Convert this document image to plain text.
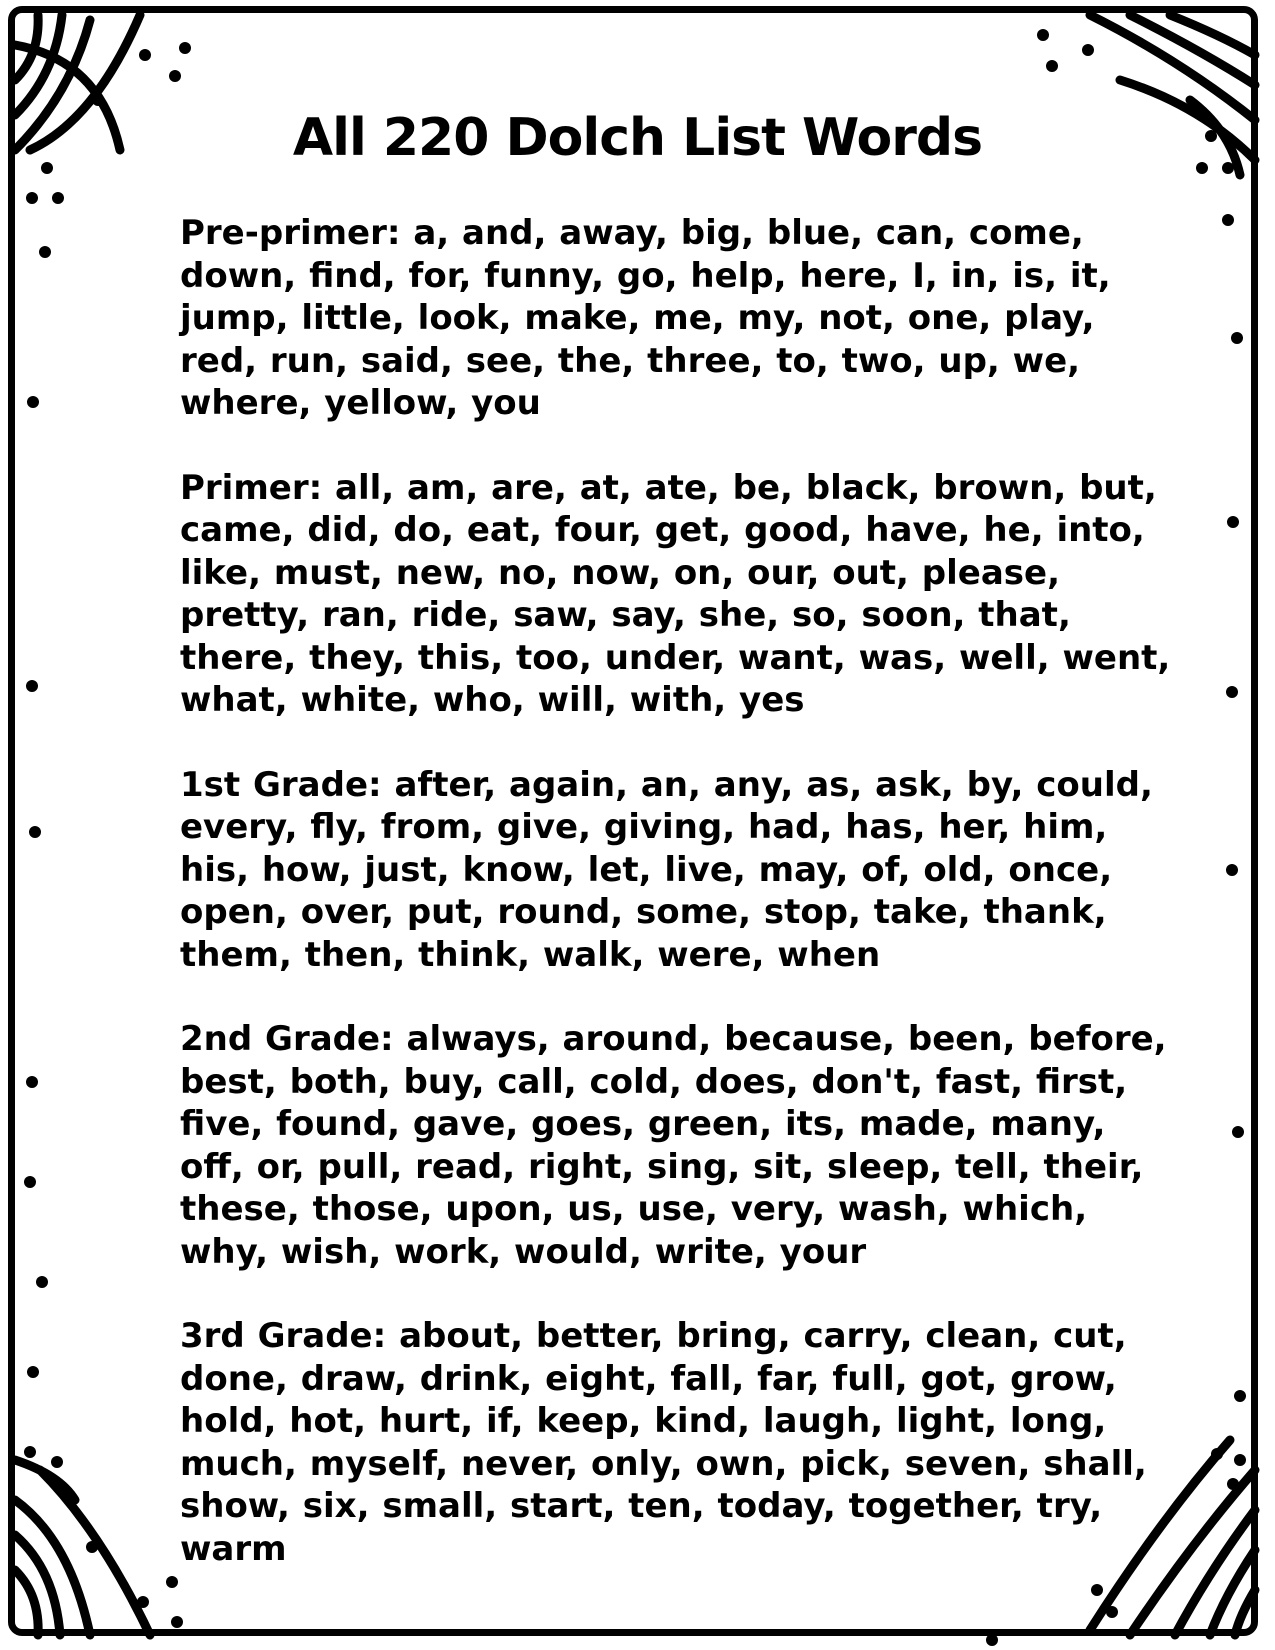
All 220 Dolch List Words

Pre-primer: a, and, away, big, blue, can, come, down, find, for, funny, go, help, here, I, in, is, it, jump, little, look, make, me, my, not, one, play, red, run, said, see, the, three, to, two, up, we, where, yellow, you

Primer: all, am, are, at, ate, be, black, brown, but, came, did, do, eat, four, get, good, have, he, into, like, must, new, no, now, on, our, out, please, pretty, ran, ride, saw, say, she, so, soon, that, there, they, this, too, under, want, was, well, went, what, white, who, will, with, yes

1st Grade: after, again, an, any, as, ask, by, could, every, fly, from, give, giving, had, has, her, him, his, how, just, know, let, live, may, of, old, once, open, over, put, round, some, stop, take, thank, them, then, think, walk, were, when

2nd Grade: always, around, because, been, before, best, both, buy, call, cold, does, don't, fast, first, five, found, gave, goes, green, its, made, many, off, or, pull, read, right, sing, sit, sleep, tell, their, these, those, upon, us, use, very, wash, which, why, wish, work, would, write, your

3rd Grade: about, better, bring, carry, clean, cut, done, draw, drink, eight, fall, far, full, got, grow, hold, hot, hurt, if, keep, kind, laugh, light, long, much, myself, never, only, own, pick, seven, shall, show, six, small, start, ten, today, together, try, warm
